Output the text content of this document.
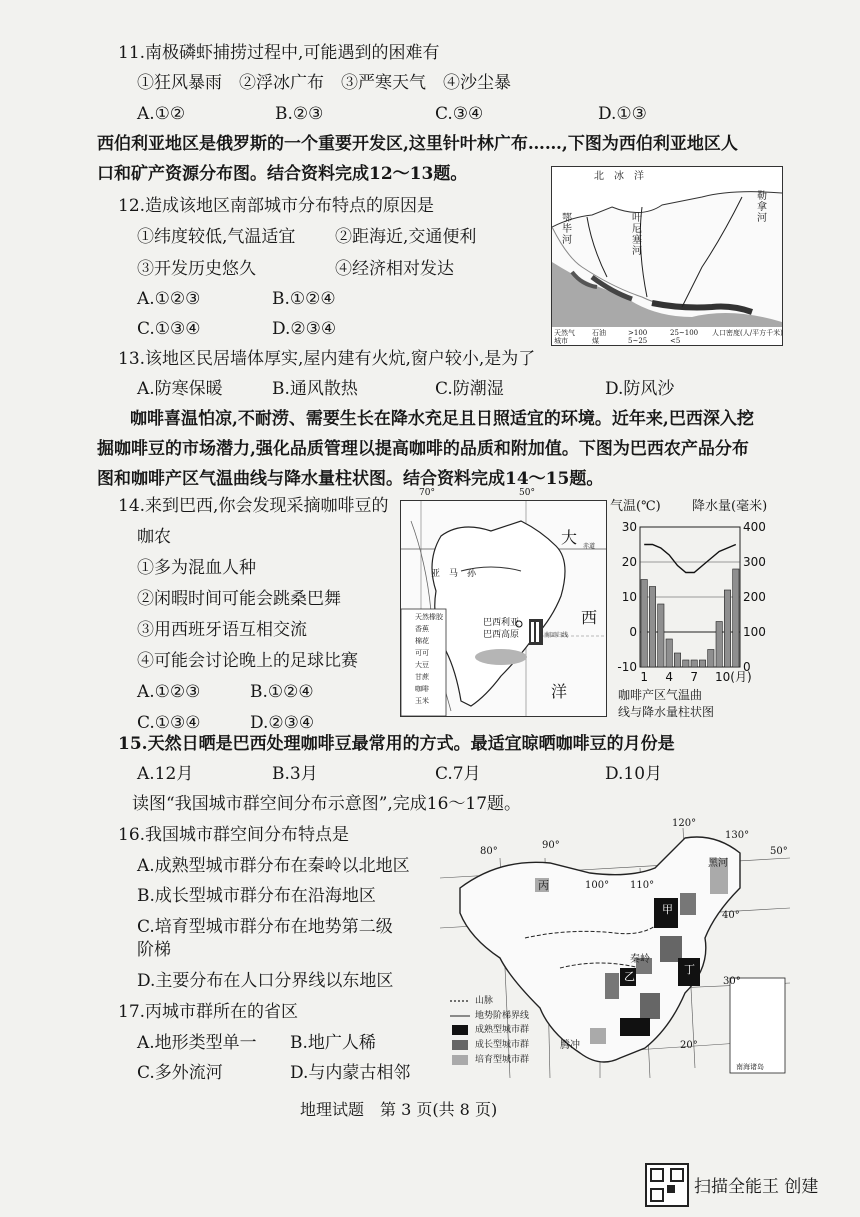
11.南极磷虾捕捞过程中,可能遇到的困难有
①狂风暴雨　②浮冰广布　③严寒天气　④沙尘暴
A.①②	B.②③	C.③④	D.①③
西伯利亚地区是俄罗斯的一个重要开发区,这里针叶林广布……,下图为西伯利亚地区人
口和矿产资源分布图。结合资料完成12～13题。
12.造成该地区南部城市分布特点的原因是
①纬度较低,气温适宜 ②距海近,交通便利
③开发历史悠久	④经济相对发达
A.①②③	B.①②④
C.①③④	D.②③④
北　冰　洋
鄂毕河
叶尼塞河
勒拿河
天然气 石油	>100	25~100 人口密度(人/平方千米)
城市	煤	5~25	<5
13.该地区民居墙体厚实,屋内建有火炕,窗户较小,是为了
A.防寒保暖	B.通风散热	C.防潮湿	D.防风沙
咖啡喜温怕凉,不耐涝、需要生长在降水充足且日照适宜的环境。近年来,巴西深入挖
掘咖啡豆的市场潜力,强化品质管理以提高咖啡的品质和附加值。下图为巴西农产品分布
图和咖啡产区气温曲线与降水量柱状图。结合资料完成14～15题。
14.来到巴西,你会发现采摘咖啡豆的
咖农
①多为混血人种
②闲暇时间可能会跳桑巴舞
③用西班牙语互相交流
④可能会讨论晚上的足球比赛
A.①②③	B.①②④
C.①③④	D.②③④
70°	50°
大 赤道
亚　马　孙
西
巴西利亚
巴西高原	南回归线
洋
天然橡胶
香蕉
棉花
可可
大豆
甘蔗
咖啡
玉米
气温(℃) 降水量(毫米)
30
20
10
0
-10
400
300
200
100
0
1 4 7 10(月)
咖啡产区气温曲
线与降水量柱状图
15.天然日晒是巴西处理咖啡豆最常用的方式。最适宜晾晒咖啡豆的月份是
A.12月	B.3月	C.7月	D.10月
读图“我国城市群空间分布示意图”,完成16～17题。
16.我国城市群空间分布特点是
A.成熟型城市群分布在秦岭以北地区
B.成长型城市群分布在沿海地区
C.培育型城市群分布在地势第二级
阶梯
D.主要分布在人口分界线以东地区
17.丙城市群所在的省区
A.地形类型单一 B.地广人稀
C.多外流河	D.与内蒙古相邻
80°
90°
100° 110°
120°
130°
50°
40°
30°
20°
黑河
甲
乙
丙
丁
秦岭
腾冲
山脉
地势阶梯界线
成熟型城市群
成长型城市群
培育型城市群
南海诸岛
地理试题　第 3 页(共 8 页)
扫描全能王 创建
